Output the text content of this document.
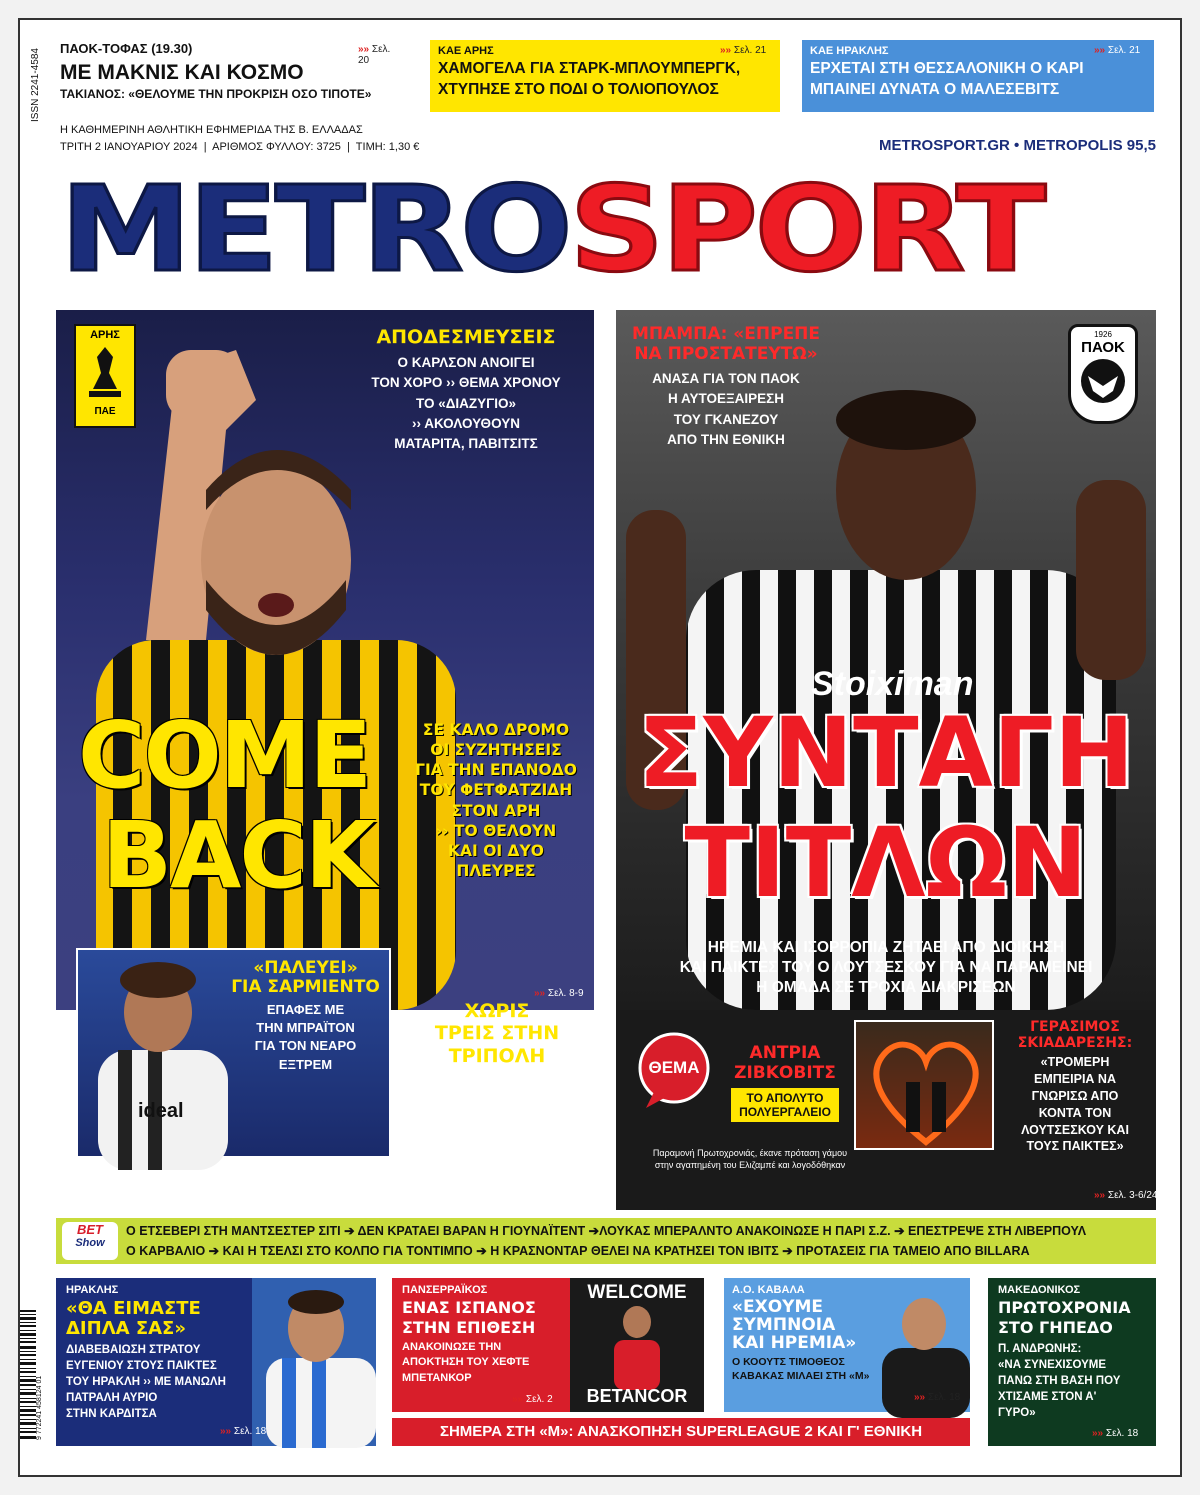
ISSN 2241-4584 ΠΑΟΚ-ΤΟΦΑΣ (19.30)	»» Σελ. 20
ΜΕ ΜΑΚΝΙΣ ΚΑΙ ΚΟΣΜΟ
ΤΑΚΙΑΝΟΣ: «ΘΕΛΟΥΜΕ ΤΗΝ ΠΡΟΚΡΙΣΗ ΟΣΟ ΤΙΠΟΤΕ»
ΚΑΕ ΑΡΗΣ	»» Σελ. 21
ΧΑΜΟΓΕΛΑ ΓΙΑ ΣΤΑΡΚ-ΜΠΛΟΥΜΠΕΡΓΚ,
ΧΤΥΠΗΣΕ ΣΤΟ ΠΟΔΙ Ο ΤΟΛΙΟΠΟΥΛΟΣ
ΚΑΕ ΗΡΑΚΛΗΣ	»» Σελ. 21
ΕΡΧΕΤΑΙ ΣΤΗ ΘΕΣΣΑΛΟΝΙΚΗ Ο ΚΑΡΙ
ΜΠΑΙΝΕΙ ΔΥΝΑΤΑ Ο ΜΑΛΕΣΕΒΙΤΣ
Η ΚΑΘΗΜΕΡΙΝΗ ΑΘΛΗΤΙΚΗ ΕΦΗΜΕΡΙΔΑ ΤΗΣ Β. ΕΛΛΑΔΑΣ
ΤΡΙΤΗ 2 ΙΑΝΟΥΑΡΙΟΥ 2024  |  ΑΡΙΘΜΟΣ ΦΥΛΛΟΥ: 3725  |  ΤΙΜΗ: 1,30 €	METROSPORT.GR • METROPOLIS 95,5
METROSPORT
ΑΡΗΣ
ΠΑΕ
ΑΠΟΔΕΣΜΕΥΣΕΙΣ
Ο ΚΑΡΛΣΟΝ ΑΝΟΙΓΕΙ
ΤΟΝ ΧΟΡΟ ›› ΘΕΜΑ ΧΡΟΝΟΥ
ΤΟ «ΔΙΑΖΥΓΙΟ»
›› ΑΚΟΛΟΥΘΟΥΝ
ΜΑΤΑΡΙΤΑ, ΠΑΒΙΤΣΙΤΣ
COME
BACK
ΣΕ ΚΑΛΟ ΔΡΟΜΟ
ΟΙ ΣΥΖΗΤΗΣΕΙΣ
ΓΙΑ ΤΗΝ ΕΠΑΝΟΔΟ
ΤΟΥ ΦΕΤΦΑΤΖΙΔΗ
ΣΤΟΝ ΑΡΗ
›› ΤΟ ΘΕΛΟΥΝ
ΚΑΙ ΟΙ ΔΥΟ
ΠΛΕΥΡΕΣ
ideal
«ΠΑΛΕΥΕΙ»
ΓΙΑ ΣΑΡΜΙΕΝΤΟ
ΕΠΑΦΕΣ ΜΕ
ΤΗΝ ΜΠΡΑΪΤΟΝ
ΓΙΑ ΤΟΝ ΝΕΑΡΟ
ΕΞΤΡΕΜ
ΧΩΡΙΣ
ΤΡΕΙΣ ΣΤΗΝ
ΤΡΙΠΟΛΗ
ΣΙΓΟΥΡΟΙ ΑΠΟΝΤΕΣ
Ο ΤΙΜΩΡΗΜΕΝΟΣ
ΝΤΑΡΙΝΤΑ ΚΑΙ
ΟΙ ΤΡΑΥΜΑΤΙΕΣ
ΒΕΛΕΘ, ΓΚΑΡΘΙΑ
»» Σελ. 8-9
Stoiximan
ΜΠΑΜΠΑ: «ΕΠΡΕΠΕ
ΝΑ ΠΡΟΣΤΑΤΕΥΤΩ»
ΑΝΑΣΑ ΓΙΑ ΤΟΝ ΠΑΟΚ
Η ΑΥΤΟΕΞΑΙΡΕΣΗ
ΤΟΥ ΓΚΑΝΕΖΟΥ
ΑΠΟ ΤΗΝ ΕΘΝΙΚΗ
1926
ΠΑΟΚ
ΣΥΝΤΑΓΗ
ΤΙΤΛΩΝ
ΗΡΕΜΙΑ ΚΑΙ ΙΣΟΡΡΟΠΙΑ ΖΗΤΑΕΙ ΑΠΟ ΔΙΟΙΚΗΣΗ
ΚΑΙ ΠΑΙΚΤΕΣ ΤΟΥ Ο ΛΟΥΤΣΕΣΚΟΥ ΓΙΑ ΝΑ ΠΑΡΑΜΕΙΝΕΙ
Η ΟΜΑΔΑ ΣΕ ΤΡΟΧΙΑ ΔΙΑΚΡΙΣΕΩΝ
ΘΕΜΑ
ΑΝΤΡΙΑ
ΖΙΒΚΟΒΙΤΣ
ΤΟ ΑΠΟΛΥΤΟ
ΠΟΛΥΕΡΓΑΛΕΙΟ
Παραμονή Πρωτοχρονιάς, έκανε πρόταση γάμου στην αγαπημένη του Ελιζαμπέ και λογοδόθηκαν
ΓΕΡΑΣΙΜΟΣ
ΣΚΙΑΔΑΡΕΣΗΣ:
«ΤΡΟΜΕΡΗ
ΕΜΠΕΙΡΙΑ ΝΑ
ΓΝΩΡΙΣΩ ΑΠΟ
ΚΟΝΤΑ ΤΟΝ
ΛΟΥΤΣΕΣΚΟΥ ΚΑΙ
ΤΟΥΣ ΠΑΙΚΤΕΣ»
»» Σελ. 3-6/24
BET
Show
Ο ΕΤΣΕΒΕΡΙ ΣΤΗ ΜΑΝΤΣΕΣΤΕΡ ΣΙΤΙ ➔ ΔΕΝ ΚΡΑΤΑΕΙ ΒΑΡΑΝ Η ΓΙΟΥΝΑΪΤΕΝΤ ➔ΛΟΥΚΑΣ ΜΠΕΡΑΛΝΤΟ ΑΝΑΚΟΙΝΩΣΕ Η ΠΑΡΙ Σ.Ζ. ➔ ΕΠΕΣΤΡΕΨΕ ΣΤΗ ΛΙΒΕΡΠΟΥΛ
Ο ΚΑΡΒΑΛΙΟ ➔ ΚΑΙ Η ΤΣΕΛΣΙ ΣΤΟ ΚΟΛΠΟ ΓΙΑ ΤΟΝΤΙΜΠΟ ➔ Η ΚΡΑΣΝΟΝΤΑΡ ΘΕΛΕΙ ΝΑ ΚΡΑΤΗΣΕΙ ΤΟΝ ΙΒΙΤΣ ➔ ΠΡΟΤΑΣΕΙΣ ΓΙΑ ΤΑΜΕΙΟ ΑΠΟ BILLARA
ΗΡΑΚΛΗΣ
«ΘΑ ΕΙΜΑΣΤΕ
ΔΙΠΛΑ ΣΑΣ»
ΔΙΑΒΕΒΑΙΩΣΗ ΣΤΡΑΤΟΥ
ΕΥΓΕΝΙΟΥ ΣΤΟΥΣ ΠΑΙΚΤΕΣ
ΤΟΥ ΗΡΑΚΛΗ ›› ΜΕ ΜΑΝΩΛΗ
ΠΑΤΡΑΛΗ ΑΥΡΙΟ
ΣΤΗΝ ΚΑΡΔΙΤΣΑ
»» Σελ. 18
WELCOME
BETANCOR
ΠΑΝΣΕΡΡΑΪΚΟΣ
ΕΝΑΣ ΙΣΠΑΝΟΣ
ΣΤΗΝ ΕΠΙΘΕΣΗ
ΑΝΑΚΟΙΝΩΣΕ ΤΗΝ
ΑΠΟΚΤΗΣΗ ΤΟΥ ΧΕΦΤΕ
ΜΠΕΤΑΝΚΟΡ
»» Σελ. 2
Α.Ο. ΚΑΒΑΛΑ
«ΕΧΟΥΜΕ
ΣΥΜΠΝΟΙΑ
ΚΑΙ ΗΡΕΜΙΑ»
Ο ΚΟΟΥΤΣ ΤΙΜΟΘΕΟΣ
ΚΑΒΑΚΑΣ ΜΙΛΑΕΙ ΣΤΗ «Μ»
»» Σελ. 18
ΜΑΚΕΔΟΝΙΚΟΣ
ΠΡΩΤΟΧΡΟΝΙΑ
ΣΤΟ ΓΗΠΕΔΟ
Π. ΑΝΔΡΩΝΗΣ:
«ΝΑ ΣΥΝΕΧΙΣΟΥΜΕ
ΠΑΝΩ ΣΤΗ ΒΑΣΗ ΠΟΥ
ΧΤΙΣΑΜΕ ΣΤΟΝ Α'
ΓΥΡΟ»
»» Σελ. 18
ΣΗΜΕΡΑ ΣΤΗ «Μ»: ΑΝΑΣΚΟΠΗΣΗ SUPERLEAGUE 2 ΚΑΙ Γ' ΕΘΝΙΚΗ
9 772241 458124 01
